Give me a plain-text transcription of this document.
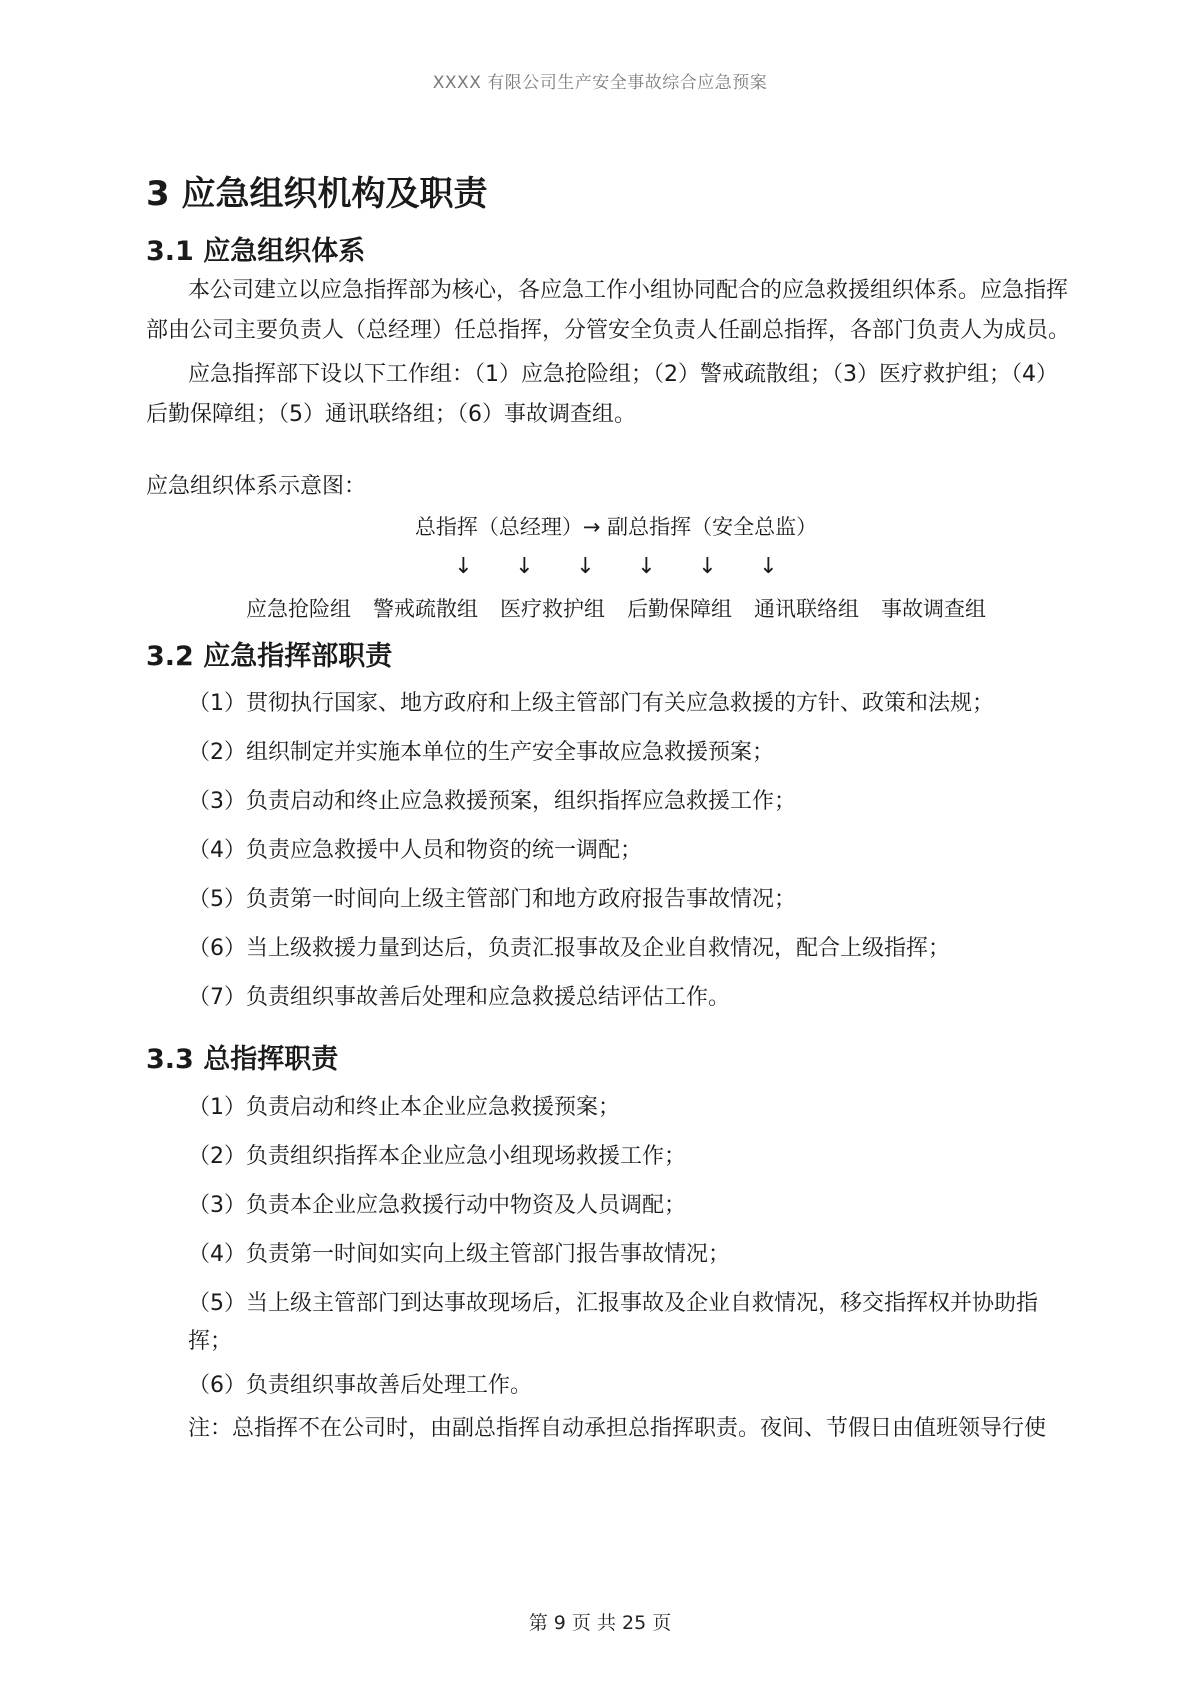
XXXX 有限公司生产安全事故综合应急预案
3 应急组织机构及职责
3.1 应急组织体系

本公司建立以应急指挥部为核心，各应急工作小组协同配合的应急救援组织体系。应急指挥部由公司主要负责人（总经理）任总指挥，分管安全负责人任副总指挥，各部门负责人为成员。

应急指挥部下设以下工作组：（1）应急抢险组；（2）警戒疏散组；（3）医疗救护组；（4）后勤保障组；（5）通讯联络组；（6）事故调查组。

应急组织体系示意图：

总指挥（总经理）→ 副总指挥（安全总监）
↓ ↓ ↓ ↓ ↓ ↓
应急抢险组 警戒疏散组 医疗救护组 后勤保障组 通讯联络组 事故调查组
3.2 应急指挥部职责

（1）贯彻执行国家、地方政府和上级主管部门有关应急救援的方针、政策和法规；

（2）组织制定并实施本单位的生产安全事故应急救援预案；

（3）负责启动和终止应急救援预案，组织指挥应急救援工作；

（4）负责应急救援中人员和物资的统一调配；

（5）负责第一时间向上级主管部门和地方政府报告事故情况；

（6）当上级救援力量到达后，负责汇报事故及企业自救情况，配合上级指挥；

（7）负责组织事故善后处理和应急救援总结评估工作。

3.3 总指挥职责

（1）负责启动和终止本企业应急救援预案；

（2）负责组织指挥本企业应急小组现场救援工作；

（3）负责本企业应急救援行动中物资及人员调配；

（4）负责第一时间如实向上级主管部门报告事故情况；

（5）当上级主管部门到达事故现场后，汇报事故及企业自救情况，移交指挥权并协助指挥；

（6）负责组织事故善后处理工作。

注：总指挥不在公司时，由副总指挥自动承担总指挥职责。夜间、节假日由值班领导行使

第 9 页 共 25 页
